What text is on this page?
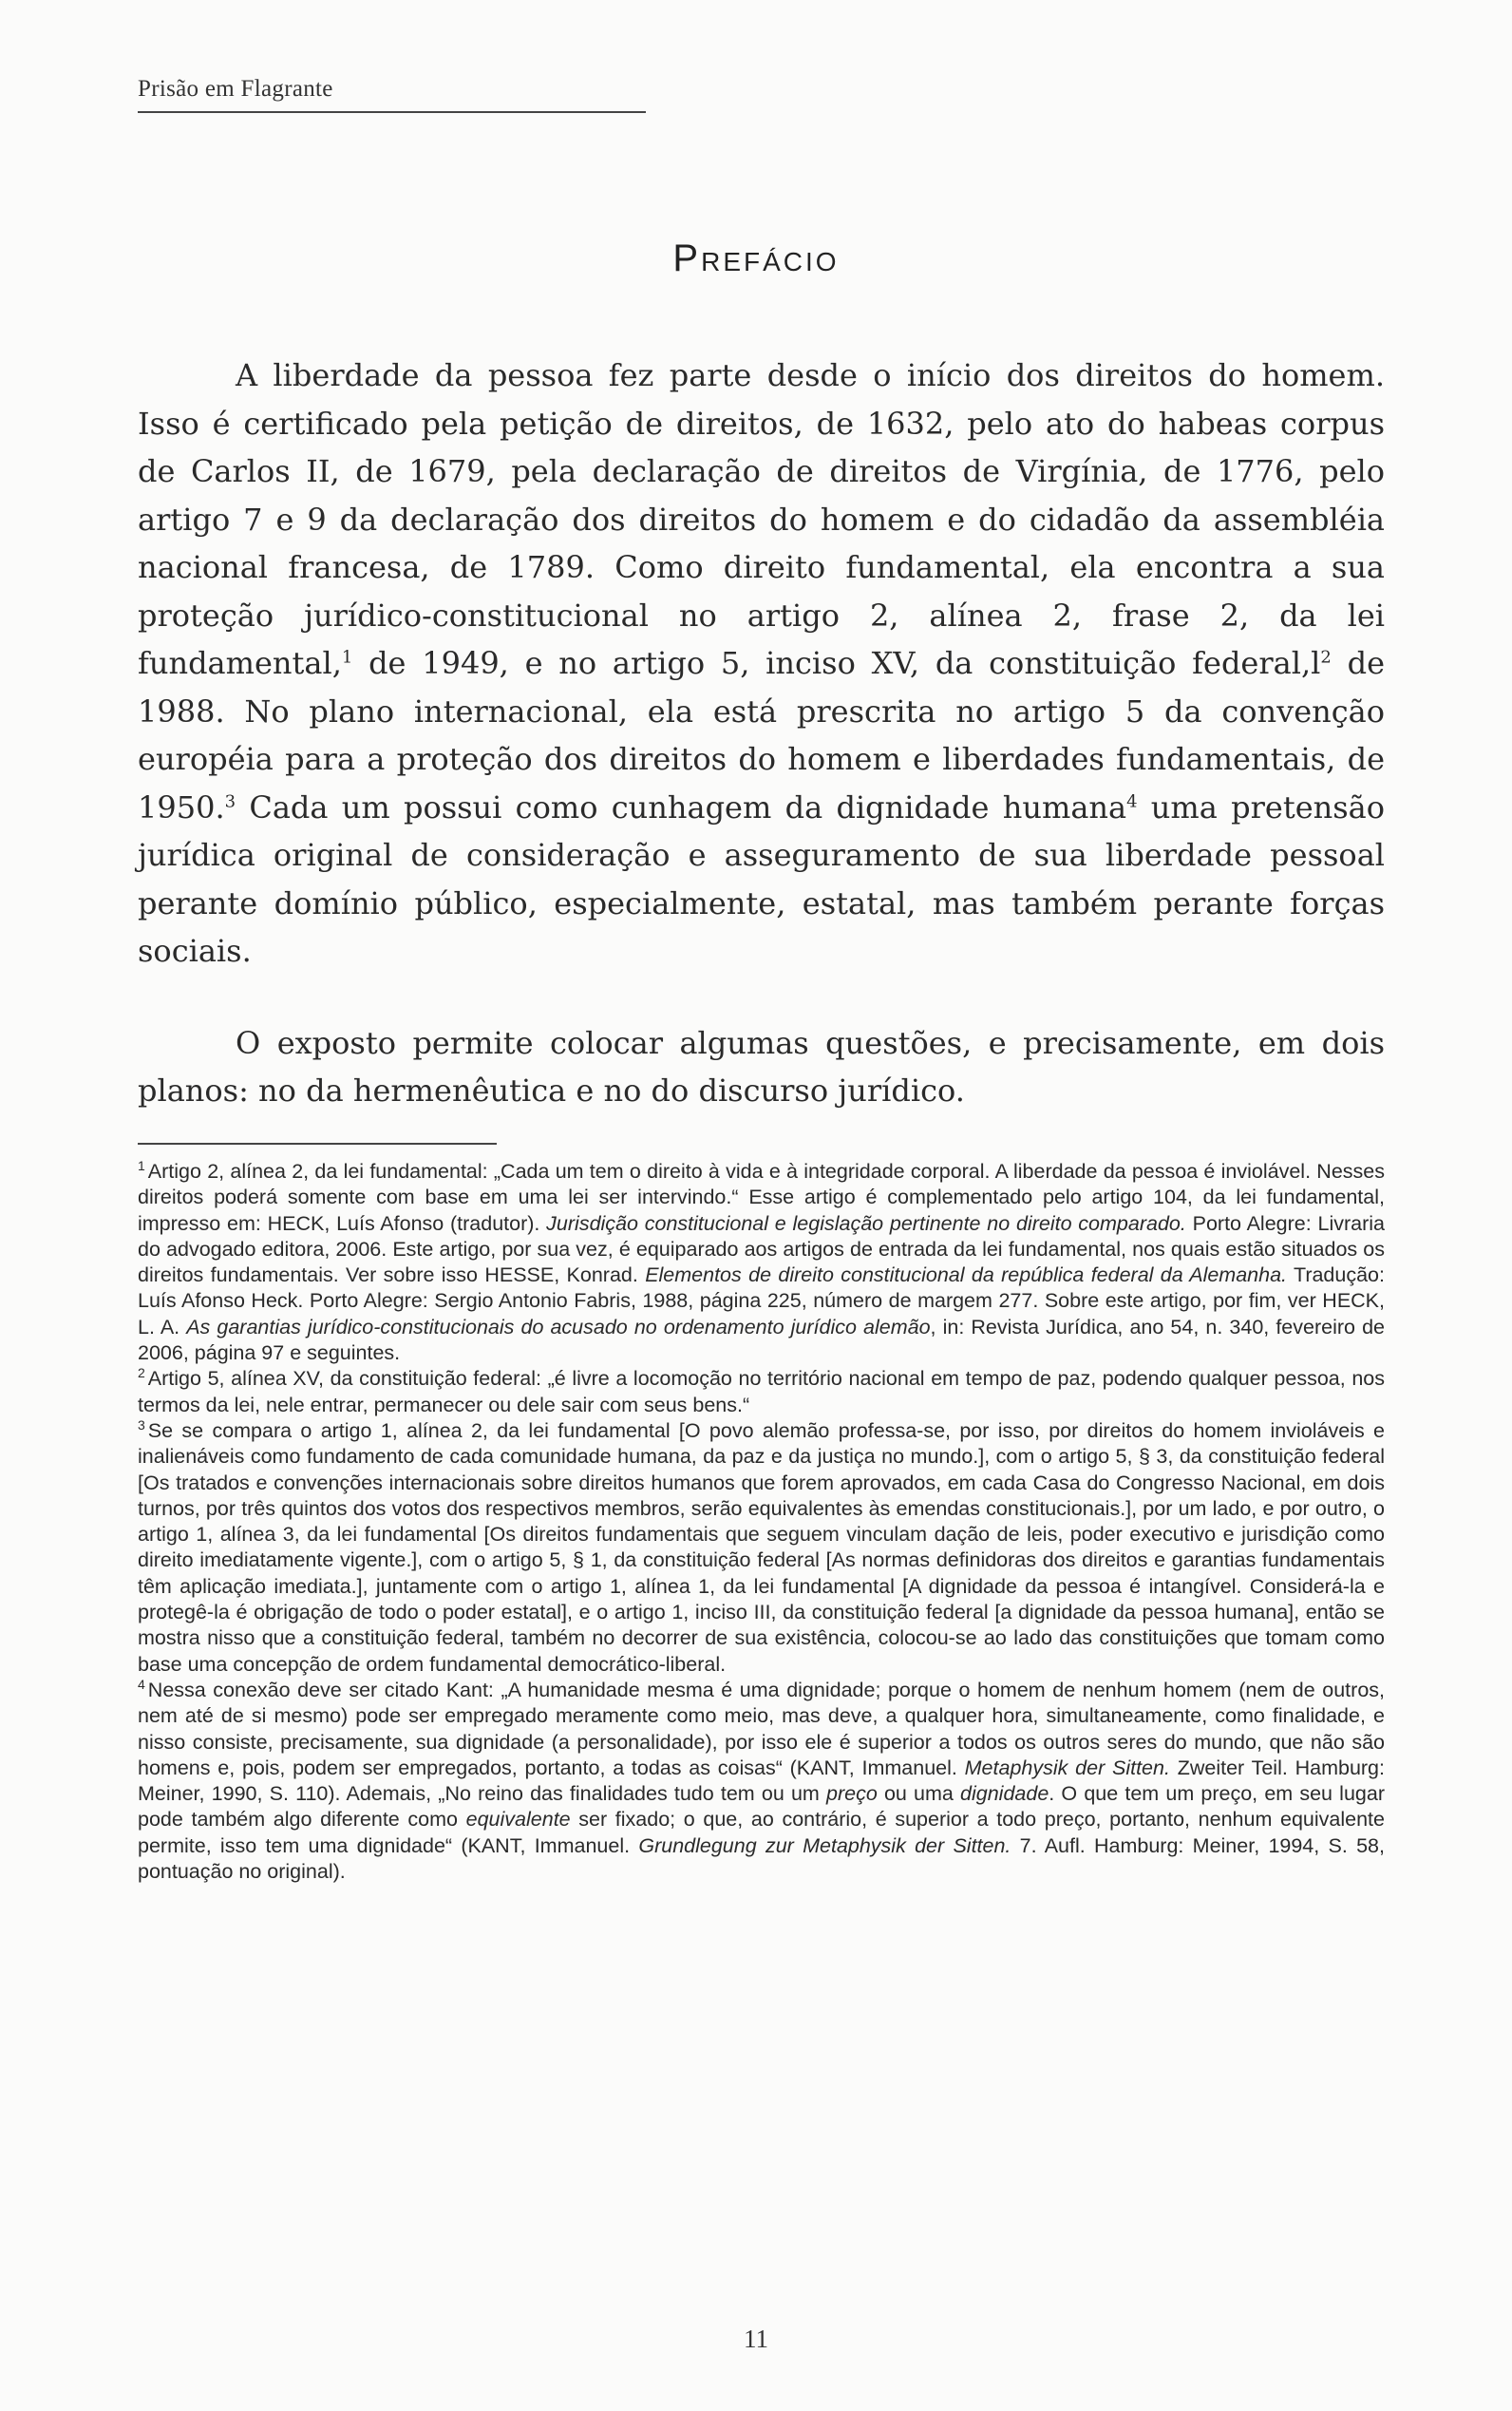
Prisão em Flagrante
Prefácio

A liberdade da pessoa fez parte desde o início dos direitos do homem. Isso é certificado pela petição de direitos, de 1632, pelo ato do habeas corpus de Carlos II, de 1679, pela declaração de direitos de Virgínia, de 1776, pelo artigo 7 e 9 da declaração dos direitos do homem e do cidadão da assembléia nacional francesa, de 1789. Como direito fundamental, ela encontra a sua proteção jurídico-constitucional no artigo 2, alínea 2, frase 2, da lei fundamental,$^1$ de 1949, e no artigo 5, inciso XV, da constituição $federal,l^2$ de 1988. No plano internacional, ela está prescrita no artigo 5 da convenção européia para a proteção dos direitos do homem e liberdades fundamentais, de 1950.$^3$ Cada um possui como cunhagem da dignidade humana$^4$ uma pretensão jurídica original de consideração e asseguramento de sua liberdade pessoal perante domínio público, especialmente, estatal, mas também perante forças sociais.

O exposto permite colocar algumas questões, e precisamente, em dois planos: no da hermenêutica e no do discurso jurídico.

$^1$ Artigo 2, alínea 2, da lei fundamental: „Cada um tem o direito à vida e à integridade corporal. A liberdade da pessoa é inviolável. Nesses direitos poderá somente com base em uma lei ser intervindo.“ Esse artigo é complementado pelo artigo 104, da lei fundamental, impresso em: HECK, Luís Afonso (tradutor). Jurisdição constitucional e legislação pertinente no direito comparado. Porto Alegre: Livraria do advogado editora, 2006. Este artigo, por sua vez, é equiparado aos artigos de entrada da lei fundamental, nos quais estão situados os direitos fundamentais. Ver sobre isso HESSE, Konrad. Elementos de direito constitucional da república federal da Alemanha. Tradução: Luís Afonso Heck. Porto Alegre: Sergio Antonio Fabris, 1988, página 225, número de margem 277. Sobre este artigo, por fim, ver HECK, L. A. As garantias jurídico-constitucionais do acusado no ordenamento jurídico alemão, in: Revista Jurídica, ano 54, n. 340, fevereiro de 2006, página 97 e seguintes.

$^2$ Artigo 5, alínea XV, da constituição federal: „é livre a locomoção no território nacional em tempo de paz, podendo qualquer pessoa, nos termos da lei, nele entrar, permanecer ou dele sair com seus bens.“

$^3$ Se se compara o artigo 1, alínea 2, da lei fundamental [O povo alemão professa-se, por isso, por direitos do homem invioláveis e inalienáveis como fundamento de cada comunidade humana, da paz e da justiça no mundo.], com o artigo 5, § 3, da constituição federal [Os tratados e convenções internacionais sobre direitos humanos que forem aprovados, em cada Casa do Congresso Nacional, em dois turnos, por três quintos dos votos dos respectivos membros, serão equivalentes às emendas constitucionais.], por um lado, e por outro, o artigo 1, alínea 3, da lei fundamental [Os direitos fundamentais que seguem vinculam dação de leis, poder executivo e jurisdição como direito imediatamente vigente.], com o artigo 5, § 1, da constituição federal [As normas definidoras dos direitos e garantias fundamentais têm aplicação imediata.], juntamente com o artigo 1, alínea 1, da lei fundamental [A dignidade da pessoa é intangível. Considerá-la e protegê-la é obrigação de todo o poder estatal], e o artigo 1, inciso III, da constituição federal [a dignidade da pessoa humana], então se mostra nisso que a constituição federal, também no decorrer de sua existência, colocou-se ao lado das constituições que tomam como base uma concepção de ordem fundamental democrático-liberal.

$^4$ Nessa conexão deve ser citado Kant: „A humanidade mesma é uma dignidade; porque o homem de nenhum homem (nem de outros, nem até de si mesmo) pode ser empregado meramente como meio, mas deve, a qualquer hora, simultaneamente, como finalidade, e nisso consiste, precisamente, sua dignidade (a personalidade), por isso ele é superior a todos os outros seres do mundo, que não são homens e, pois, podem ser empregados, portanto, a todas as coisas“ (KANT, Immanuel. Metaphysik der Sitten. Zweiter Teil. Hamburg: Meiner, 1990, S. 110). Ademais, „No reino das finalidades tudo tem ou um preço ou uma dignidade. O que tem um preço, em seu lugar pode também algo diferente como equivalente ser fixado; o que, ao contrário, é superior a todo preço, portanto, nenhum equivalente permite, isso tem uma dignidade“ (KANT, Immanuel. Grundlegung zur Metaphysik der Sitten. 7. Aufl. Hamburg: Meiner, 1994, S. 58, pontuação no original).

11
